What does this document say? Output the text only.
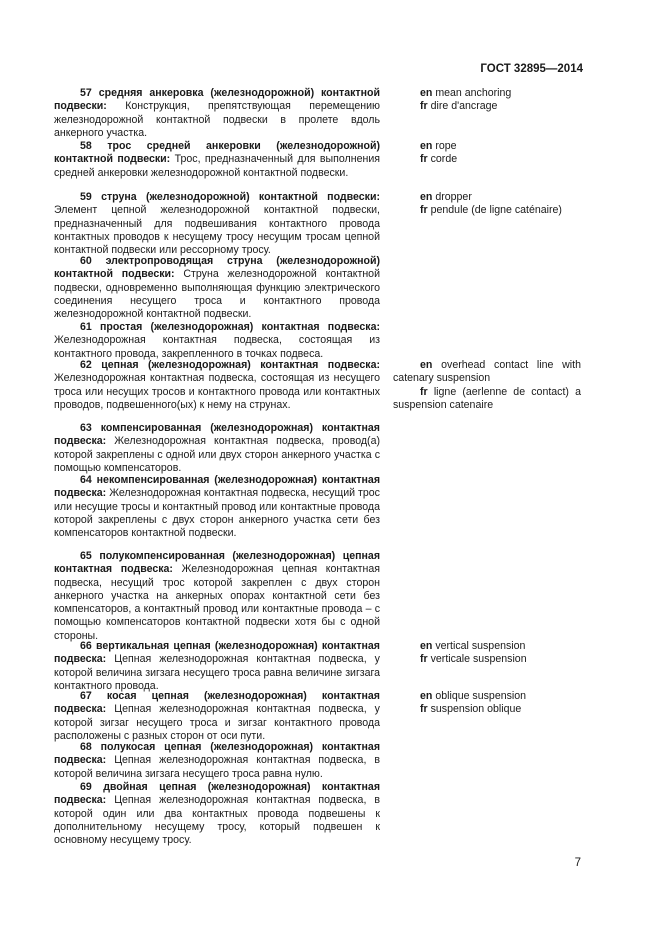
ГОСТ 32895—2014

57 средняя анкеровка (железнодорожной) контактной подвески: Конструкция, препятствующая перемещению железнодорожной контактной подвески в пролете вдоль анкерного участка.

58 трос средней анкеровки (железнодорожной) контактной подвески: Трос, предназначенный для выполнения средней анкеровки железнодорожной контактной подвески.

59 струна (железнодорожной) контактной подвески: Элемент цепной железнодорожной контактной подвески, предназначенный для подвешивания контактного провода контактных проводов к несущему тросу несущим тросам цепной контактной подвески или рессорному тросу.

60 электропроводящая струна (железнодорожной) контактной подвески: Струна железнодорожной контактной подвески, одновременно выполняющая функцию электрического соединения несущего троса и контактного провода железнодорожной контактной подвески.

61 простая (железнодорожная) контактная подвеска: Железнодорожная контактная подвеска, состоящая из контактного провода, закрепленного в точках подвеса.

62 цепная (железнодорожная) контактная подвеска: Железнодорожная контактная подвеска, состоящая из несущего троса или несущих тросов и контактного провода или контактных проводов, подвешенного(ых) к нему на струнах.

63 компенсированная (железнодорожная) контактная подвеска: Железнодорожная контактная подвеска, провод(а) которой закреплены с одной или двух сторон анкерного участка с помощью компенсаторов.

64 некомпенсированная (железнодорожная) контактная подвеска: Железнодорожная контактная подвеска, несущий трос или несущие тросы и контактный провод или контактные провода которой закреплены с двух сторон анкерного участка сети без компенсаторов контактной подвески.

65 полукомпенсированная (железнодорожная) цепная контактная подвеска: Железнодорожная цепная контактная подвеска, несущий трос которой закреплен с двух сторон анкерного участка на анкерных опорах контактной сети без компенсаторов, а контактный провод или контактные провода – с помощью компенсаторов контактной подвески хотя бы с одной стороны.

66 вертикальная цепная (железнодорожная) контактная подвеска: Цепная железнодорожная контактная подвеска, у которой величина зигзага несущего троса равна величине зигзага контактного провода.

67 косая цепная (железнодорожная) контактная подвеска: Цепная железнодорожная контактная подвеска, у которой зигзаг несущего троса и зигзаг контактного провода расположены с разных сторон от оси пути.

68 полукосая цепная (железнодорожная) контактная подвеска: Цепная железнодорожная контактная подвеска, в которой величина зигзага несущего троса равна нулю.

69 двойная цепная (железнодорожная) контактная подвеска: Цепная железнодорожная контактная подвеска, в которой один или два контактных провода подвешены к дополнительному несущему тросу, который подвешен к основному несущему тросу.

en mean anchoring
fr dire d'ancrage
en rope
fr corde
en dropper
fr pendule (de ligne caténaire)
en overhead contact line with catenary suspension
fr ligne (aerlenne de contact) a suspension catenaire
en vertical suspension
fr verticale suspension
en oblique suspension
fr suspension oblique
7
